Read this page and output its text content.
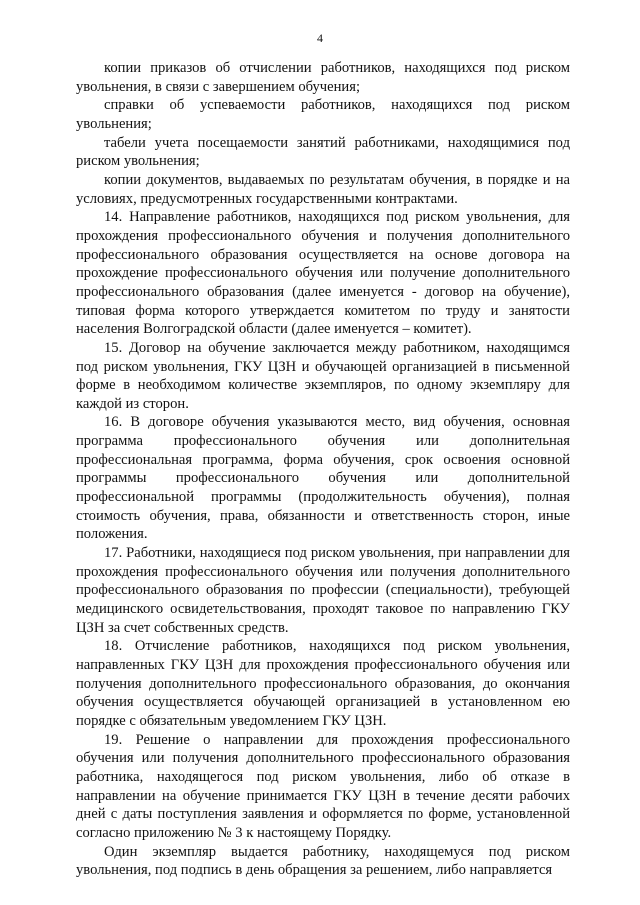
4

копии приказов об отчислении работников, находящихся под риском увольнения, в связи с завершением обучения;

справки об успеваемости работников, находящихся под риском увольнения;

табели учета посещаемости занятий работниками, находящимися под риском увольнения;

копии документов, выдаваемых по результатам обучения, в порядке и на условиях, предусмотренных государственными контрактами.

14. Направление работников, находящихся под риском увольнения, для прохождения профессионального обучения и получения дополнительного профессионального образования осуществляется на основе договора на прохождение профессионального обучения или получение дополнительного профессионального образования (далее именуется - договор на обучение), типовая форма которого утверждается комитетом по труду и занятости населения Волгоградской области (далее именуется – комитет).

15. Договор на обучение заключается между работником, находящимся под риском увольнения, ГКУ ЦЗН и обучающей организацией в письменной форме в необходимом количестве экземпляров, по одному экземпляру для каждой из сторон.

16. В договоре обучения указываются место, вид обучения, основная программа профессионального обучения или дополнительная профессиональная программа, форма обучения, срок освоения основной программы профессионального обучения или дополнительной профессиональной программы (продолжительность обучения), полная стоимость обучения, права, обязанности и ответственность сторон, иные положения.

17. Работники, находящиеся под риском увольнения, при направлении для прохождения профессионального обучения или получения дополнительного профессионального образования по профессии (специальности), требующей медицинского освидетельствования, проходят таковое по направлению ГКУ ЦЗН за счет собственных средств.

18. Отчисление работников, находящихся под риском увольнения, направленных ГКУ ЦЗН для прохождения профессионального обучения или получения дополнительного профессионального образования, до окончания обучения осуществляется обучающей организацией в установленном ею порядке с обязательным уведомлением ГКУ ЦЗН.

19. Решение о направлении для прохождения профессионального обучения или получения дополнительного профессионального образования работника, находящегося под риском увольнения, либо об отказе в направлении на обучение принимается ГКУ ЦЗН в течение десяти рабочих дней с даты поступления заявления и оформляется по форме, установленной согласно приложению № 3 к настоящему Порядку.

Один экземпляр выдается работнику, находящемуся под риском увольнения, под подпись в день обращения за решением, либо направляется
